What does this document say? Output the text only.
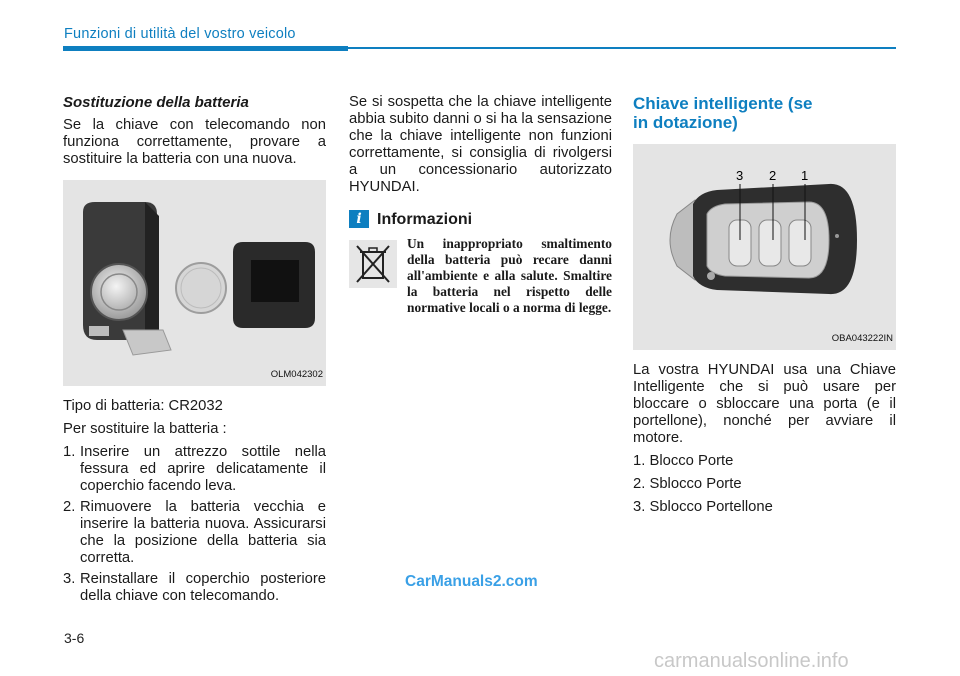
Funzioni di utilità del vostro veicolo
Sostituzione della batteria

Se la chiave con telecomando non funziona correttamente, provare a sostituire la batteria con una nuova.

OLM042302

Tipo di batteria: CR2032

Per sostituire la batteria :

1. Inserire un attrezzo sottile nella fessura ed aprire delicatamente il coperchio facendo leva.
2. Rimuovere la batteria vecchia e inserire la batteria nuova. Assicurarsi che la posizione della batteria sia corretta.
3. Reinstallare il coperchio posteriore della chiave con telecomando.

Se si sospetta che la chiave intelligente abbia subito danni o si ha la sensazione che la chiave intelligente non funzioni correttamente, si consiglia di rivolgersi a un concessionario autorizzato HYUNDAI.

i Informazioni
Un inappropriato smaltimento della batteria può recare danni all'ambiente e alla salute. Smaltire la batteria nel rispetto delle normative locali o a norma di legge.
Chiave intelligente (se in dotazione)
3 2 1
OBA043222IN

La vostra HYUNDAI usa una Chiave Intelligente che si può usare per bloccare o sbloccare una porta (e il portellone), nonché per avviare il motore.

1. Blocco Porte

2. Sblocco Porte

3. Sblocco Portellone

3-6
CarManuals2.com
carmanualsonline.info
